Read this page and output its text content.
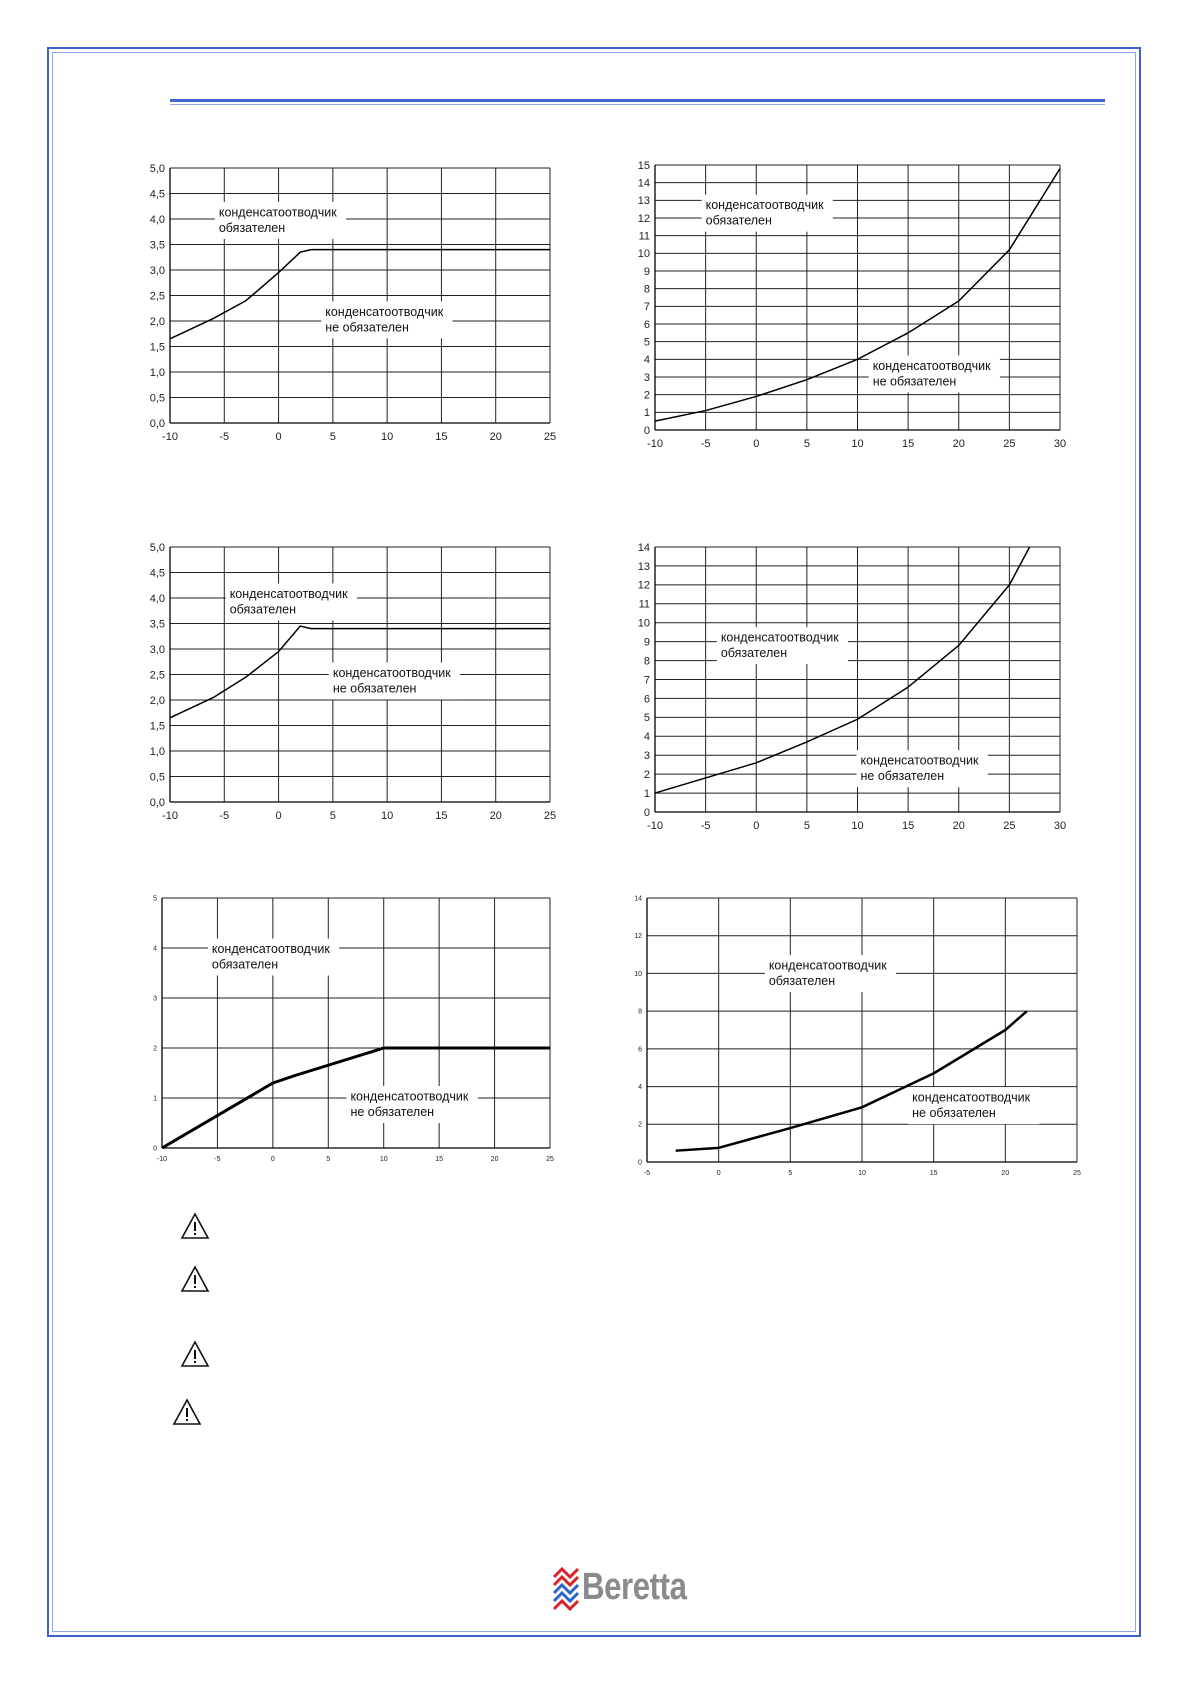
0,0
0,5
1,0
1,5
2,0
2,5
3,0
3,5
4,0
4,5
5,0
-10	-5	0	5	10	15	20	25
конденсатоотводчик
обязателен
конденсатоотводчик
не обязателен
0
1
2
3
4
5
6
7
8
9
10
11
12
13
14
15
-10	-5	0	5	10	15	20	25	30
конденсатоотводчик
обязателен
конденсатоотводчик
не обязателен
0,0
0,5
1,0
1,5
2,0
2,5
3,0
3,5
4,0
4,5
5,0
-10	-5	0	5	10	15	20	25
конденсатоотводчик
обязателен
конденсатоотводчик
не обязателен
0
1
2
3
4
5
6
7
8
9
10
11
12
13
14
-10	-5	0	5	10	15	20	25	30
конденсатоотводчик
обязателен
конденсатоотводчик
не обязателен
0
1
2
3
4
5
-10	-5	0	5	10	15	20	25
конденсатоотводчик
обязателен
конденсатоотводчик
не обязателен
0
2
4
6
8
10
12
14
-5	0	5	10	15	20	25
конденсатоотводчик
обязателен
конденсатоотводчик
не обязателен
Beretta
